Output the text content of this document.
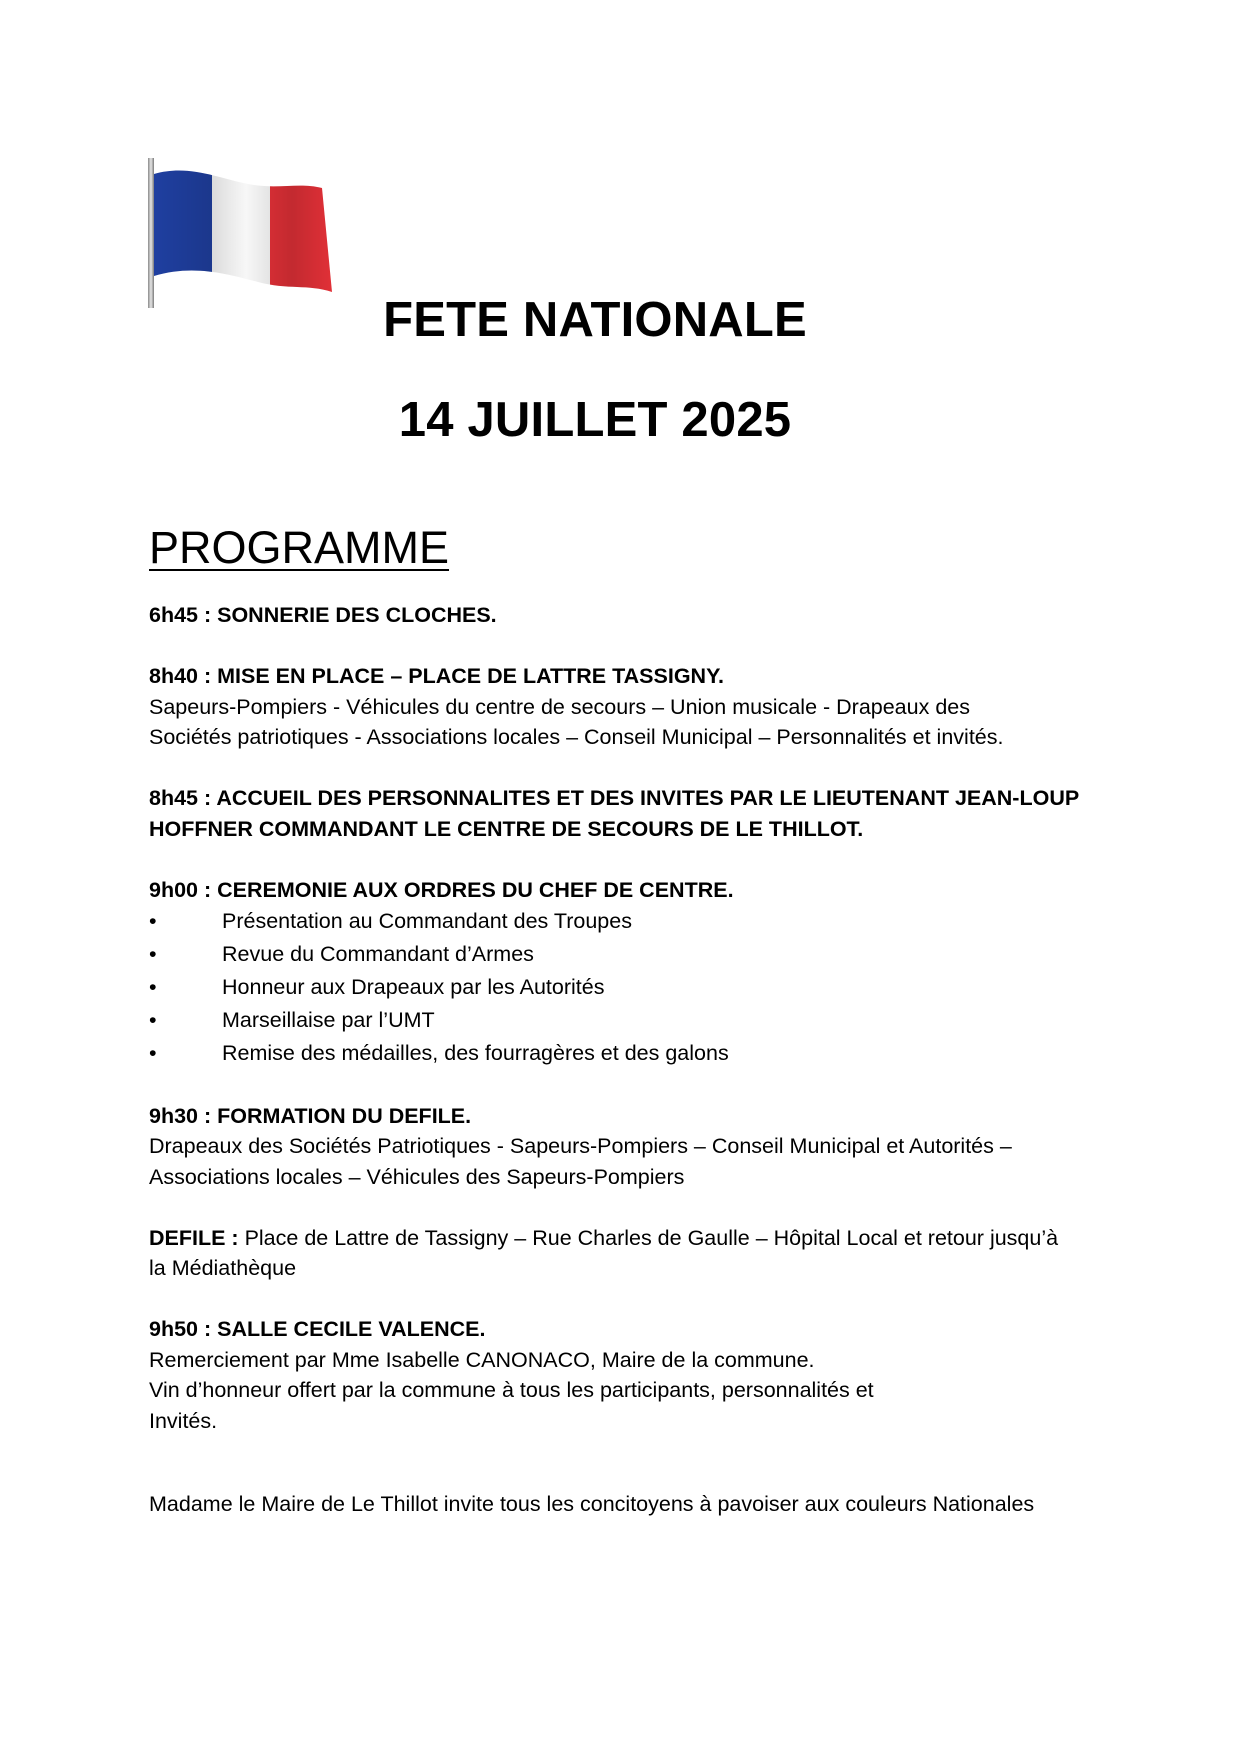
FETE NATIONALE
14 JUILLET 2025
PROGRAMME
6h45 : SONNERIE DES CLOCHES.
8h40 : MISE EN PLACE – PLACE DE LATTRE TASSIGNY.
Sapeurs-Pompiers - Véhicules du centre de secours – Union musicale - Drapeaux des
Sociétés patriotiques - Associations locales – Conseil Municipal – Personnalités et invités.
8h45 : ACCUEIL DES PERSONNALITES ET DES INVITES PAR LE LIEUTENANT JEAN-LOUP
HOFFNER COMMANDANT LE CENTRE DE SECOURS DE LE THILLOT.
9h00 : CEREMONIE AUX ORDRES DU CHEF DE CENTRE.
•	Présentation au Commandant des Troupes
•	Revue du Commandant d’Armes
•	Honneur aux Drapeaux par les Autorités
•	Marseillaise par l’UMT
•	Remise des médailles, des fourragères et des galons
9h30 : FORMATION DU DEFILE.
Drapeaux des Sociétés Patriotiques - Sapeurs-Pompiers – Conseil Municipal et Autorités –
Associations locales – Véhicules des Sapeurs-Pompiers
DEFILE : Place de Lattre de Tassigny – Rue Charles de Gaulle – Hôpital Local et retour jusqu’à
la Médiathèque
9h50 : SALLE CECILE VALENCE.
Remerciement par Mme Isabelle CANONACO, Maire de la commune.
Vin d’honneur offert par la commune à tous les participants, personnalités et
Invités.
Madame le Maire de Le Thillot invite tous les concitoyens à pavoiser aux couleurs Nationales
